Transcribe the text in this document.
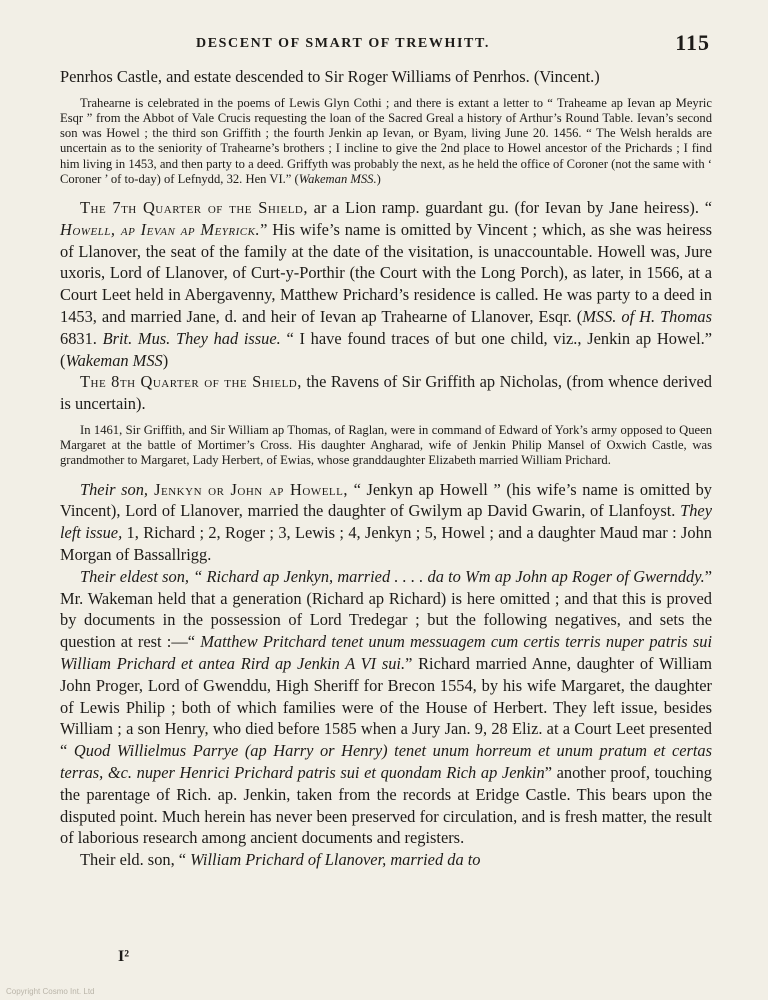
DESCENT OF SMART OF TREWHITT.	115

Penrhos Castle, and estate descended to Sir Roger Williams of Penrhos. (Vincent.)

Trahearne is celebrated in the poems of Lewis Glyn Cothi ; and there is extant a letter to “ Traheame ap Ievan ap Meyric Esqr ” from the Abbot of Vale Crucis requesting the loan of the Sacred Greal a history of Arthur’s Round Table. Ievan’s second son was Howel ; the third son Griffith ; the fourth Jenkin ap Ievan, or Byam, living June 20. 1456. “ The Welsh heralds are uncertain as to the seniority of Trahearne’s brothers ; I incline to give the 2nd place to Howel ancestor of the Prichards ; I find him living in 1453, and then party to a deed. Griffyth was probably the next, as he held the office of Coroner (not the same with ‘ Coroner ’ of to-day) of Lefnydd, 32. Hen VI.” (Wakeman MSS.)

The 7th Quarter of the Shield, ar a Lion ramp. guardant gu. (for Ievan by Jane heiress). “ Howell, ap Ievan ap Meyrick.” His wife’s name is omitted by Vincent ; which, as she was heiress of Llanover, the seat of the family at the date of the visitation, is unaccountable. Howell was, Jure uxoris, Lord of Llanover, of Curt-y-Porthir (the Court with the Long Porch), as later, in 1566, at a Court Leet held in Abergavenny, Matthew Prichard’s residence is called. He was party to a deed in 1453, and married Jane, d. and heir of Ievan ap Trahearne of Llanover, Esqr. (MSS. of H. Thomas 6831. Brit. Mus. They had issue. “ I have found traces of but one child, viz., Jenkin ap Howel.” (Wakeman MSS)

The 8th Quarter of the Shield, the Ravens of Sir Griffith ap Nicholas, (from whence derived is uncertain).

In 1461, Sir Griffith, and Sir William ap Thomas, of Raglan, were in command of Edward of York’s army opposed to Queen Margaret at the battle of Mortimer’s Cross. His daughter Angharad, wife of Jenkin Philip Mansel of Oxwich Castle, was grandmother to Margaret, Lady Herbert, of Ewias, whose granddaughter Elizabeth married William Prichard.

Their son, Jenkyn or John ap Howell, “ Jenkyn ap Howell ” (his wife’s name is omitted by Vincent), Lord of Llanover, married the daughter of Gwilym ap David Gwarin, of Llanfoyst. They left issue, 1, Richard ; 2, Roger ; 3, Lewis ; 4, Jenkyn ; 5, Howel ; and a daughter Maud mar : John Morgan of Bassallrigg.

Their eldest son, “ Richard ap Jenkyn, married . . . . da to Wm ap John ap Roger of Gwernddy.” Mr. Wakeman held that a generation (Richard ap Richard) is here omitted ; and that this is proved by documents in the possession of Lord Tredegar ; but the following negatives, and sets the question at rest :—“ Matthew Pritchard tenet unum messuagem cum certis terris nuper patris sui William Prichard et antea Rird ap Jenkin A VI sui.” Richard married Anne, daughter of William John Proger, Lord of Gwenddu, High Sheriff for Brecon 1554, by his wife Margaret, the daughter of Lewis Philip ; both of which families were of the House of Herbert. They left issue, besides William ; a son Henry, who died before 1585 when a Jury Jan. 9, 28 Eliz. at a Court Leet presented “ Quod Willielmus Parrye (ap Harry or Henry) tenet unum horreum et unum pratum et certas terras, &c. nuper Henrici Prichard patris sui et quondam Rich ap Jenkin” another proof, touching the parentage of Rich. ap. Jenkin, taken from the records at Eridge Castle. This bears upon the disputed point. Much herein has never been preserved for circulation, and is fresh matter, the result of laborious research among ancient documents and registers.

Their eld. son, “ William Prichard of Llanover, married da to

I²
Copyright Cosmo Int. Ltd
